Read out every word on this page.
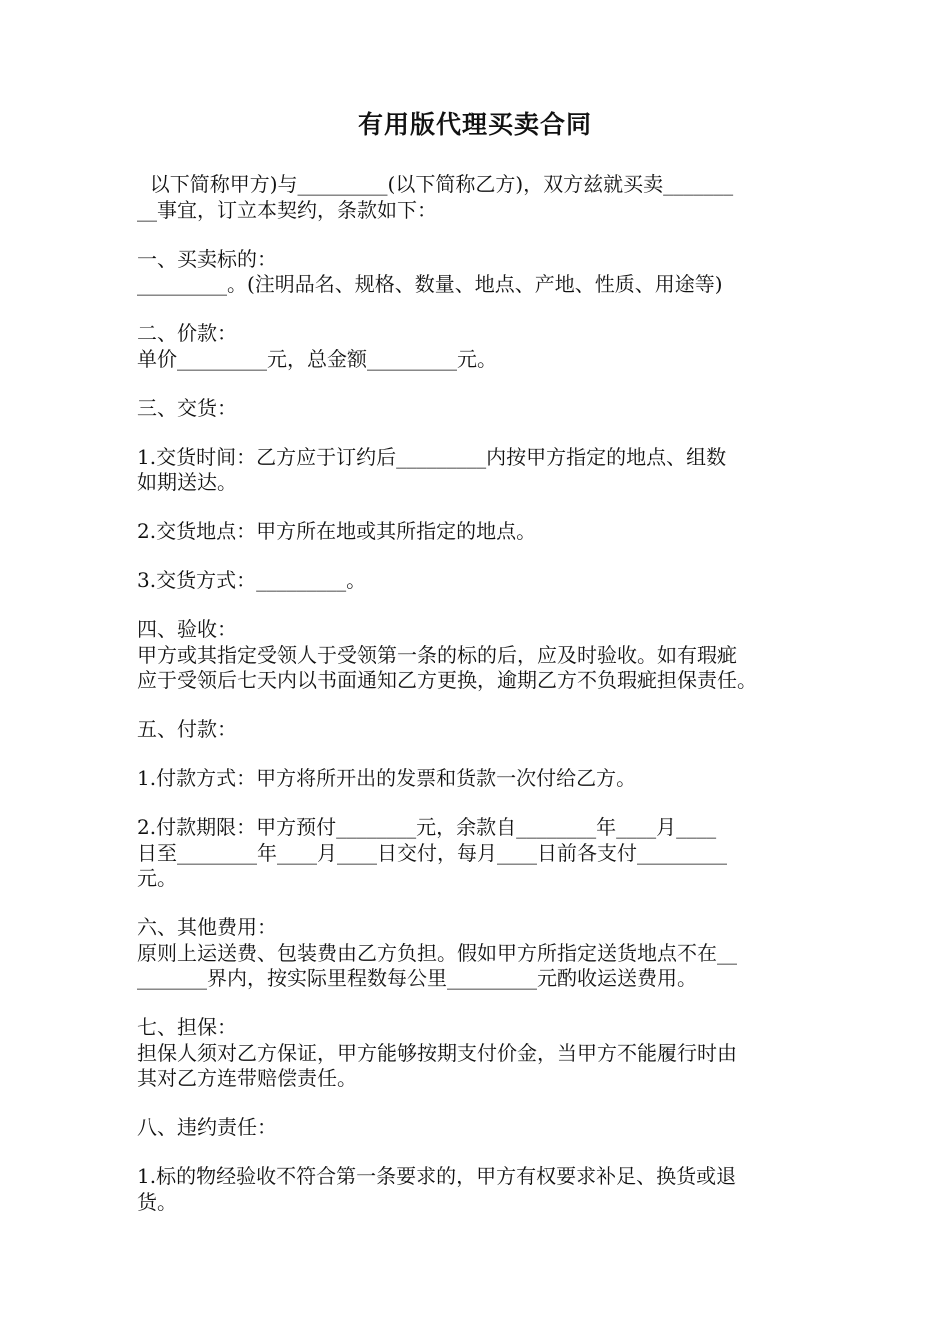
有用版代理买卖合同
以下简称甲方)与_________(以下简称乙方)，双方兹就买卖_______
__事宜，订立本契约，条款如下：
一、买卖标的：
_________。(注明品名、规格、数量、地点、产地、性质、用途等)
二、价款：
单价_________元，总金额_________元。
三、交货：
1.交货时间：乙方应于订约后_________内按甲方指定的地点、组数
如期送达。
2.交货地点：甲方所在地或其所指定的地点。
3.交货方式：_________。
四、验收：
甲方或其指定受领人于受领第一条的标的后，应及时验收。如有瑕疵
应于受领后七天内以书面通知乙方更换，逾期乙方不负瑕疵担保责任。
五、付款：
1.付款方式：甲方将所开出的发票和货款一次付给乙方。
2.付款期限：甲方预付________元，余款自________年____月____
日至________年____月____日交付，每月____日前各支付_________
元。
六、其他费用：
原则上运送费、包装费由乙方负担。假如甲方所指定送货地点不在__
_______界内，按实际里程数每公里_________元酌收运送费用。
七、担保：
担保人须对乙方保证，甲方能够按期支付价金，当甲方不能履行时由
其对乙方连带赔偿责任。
八、违约责任：
1.标的物经验收不符合第一条要求的，甲方有权要求补足、换货或退
货。
